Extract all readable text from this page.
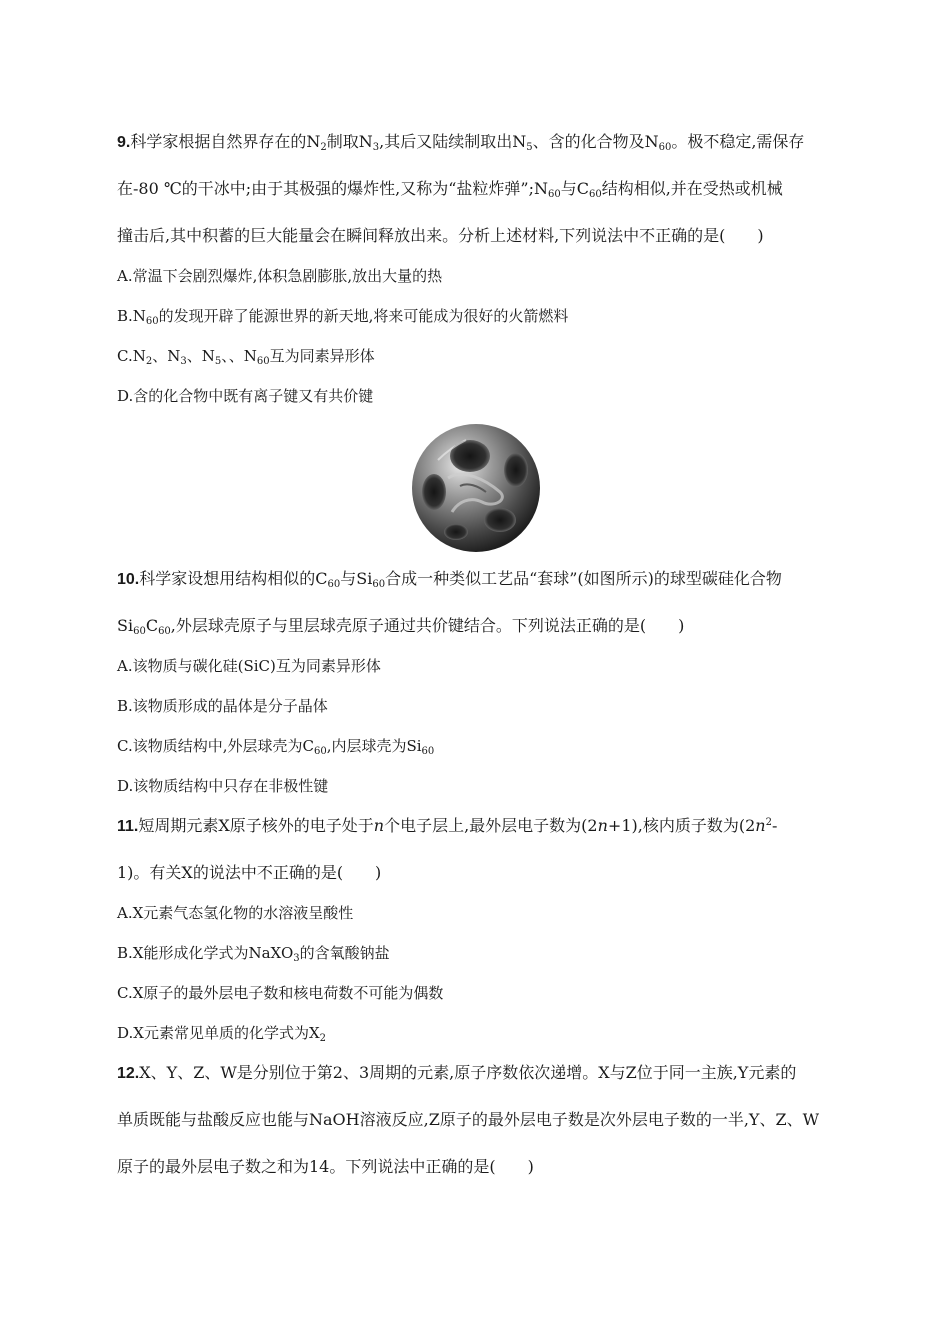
9.科学家根据自然界存在的$N_2$制取$N_3$,其后又陆续制取出$N_5$、含的化合物及$N_{60}$。极不稳定,需保存
在-80 ℃的干冰中;由于其极强的爆炸性,又称为“盐粒炸弹$”;N_{60}$与$C_{60}$结构相似,并在受热或机械
撞击后,其中积蓄的巨大能量会在瞬间释放出来。分析上述材料,下列说法中不正确的是(　　)
A.常温下会剧烈爆炸,体积急剧膨胀,放出大量的热
$B.N_{60}$的发现开辟了能源世界的新天地,将来可能成为很好的火箭燃料
$C.N_2$、$N_3$、$N_5$、、$N_{60}$互为同素异形体
D.含的化合物中既有离子键又有共价键
10.科学家设想用结构相似的$C_{60}$与$Si_{60}$合成一种类似工艺品“套球”(如图所示)的球型碳硅化合物
$Si_{60}C_{60}$,外层球壳原子与里层球壳原子通过共价键结合。下列说法正确的是(　　)
A.该物质与碳化硅(SiC)互为同素异形体
B.该物质形成的晶体是分子晶体
C.该物质结构中,外层球壳为$C_{60}$,内层球壳为$Si_{60}$
D.该物质结构中只存在非极性键
11.短周期元素X原子核外的电子处于n个电子层上,最外层电子数为(2n+1),核内质子数为($2n^2-$
1)。有关X的说法中不正确的是(　　)
A.X元素气态氢化物的水溶液呈酸性
B.X能形成化学式为NaXO$_3$的含氧酸钠盐
C.X原子的最外层电子数和核电荷数不可能为偶数
D.X元素常见单质的化学式为$X_2$
12.X、Y、Z、W是分别位于第2、3周期的元素,原子序数依次递增。X与Z位于同一主族,Y元素的
单质既能与盐酸反应也能与NaOH溶液反应,Z原子的最外层电子数是次外层电子数的一半,Y、Z、W
原子的最外层电子数之和为14。下列说法中正确的是(　　)
